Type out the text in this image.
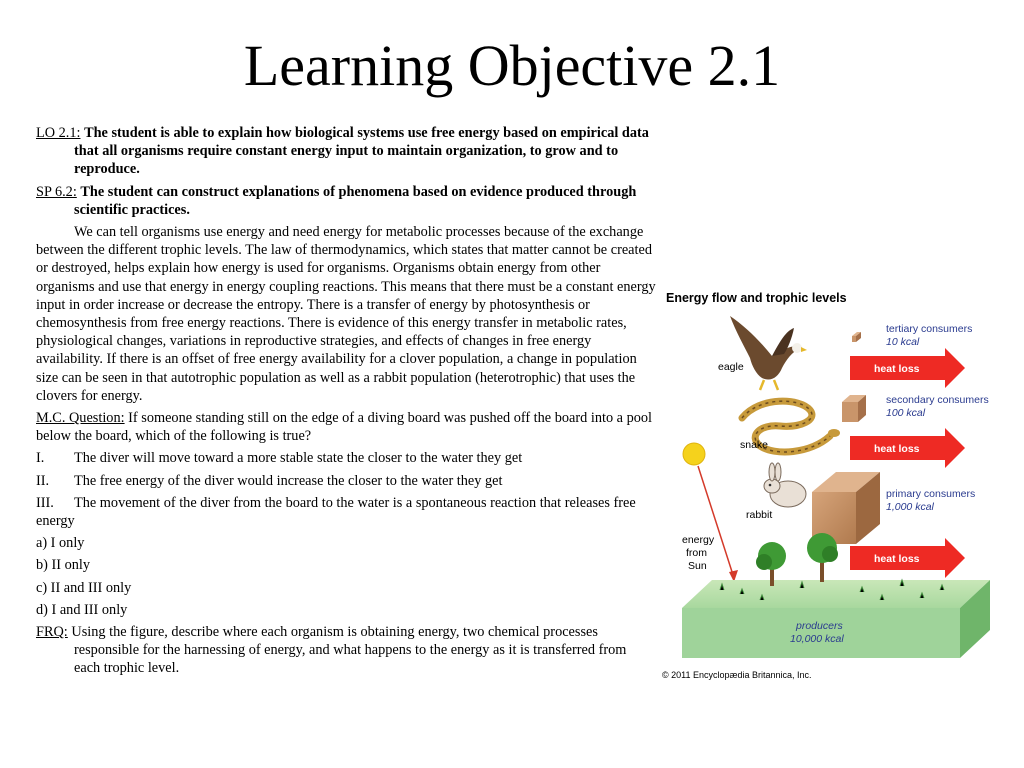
Learning Objective 2.1

LO 2.1: The student is able to explain how biological systems use free energy based on empirical data that all organisms require constant energy input to maintain organization, to grow and to reproduce.

SP 6.2: The student can construct explanations of phenomena based on evidence produced through scientific practices.

We can tell organisms use energy and need energy for metabolic processes because of the exchange between the different trophic levels. The law of thermodynamics, which states that matter cannot be created or destroyed, helps explain how energy is used for organisms. Organisms obtain energy from other organisms and use that energy in energy coupling reactions. This means that there must be a constant energy input in order increase or decrease the entropy. There is a transfer of energy by photosynthesis or chemosynthesis from free energy reactions. There is evidence of this energy transfer in metabolic rates, physiological changes, variations in reproductive strategies, and effects of changes in free energy availability. If there is an offset of free energy availability for a clover population, a change in population size can be seen in that autotrophic population as well as a rabbit population (heterotrophic) that uses the clovers for energy.

M.C. Question: If someone standing still on the edge of a diving board was pushed off the board into a pool below the board, which of the following is true?

I. The diver will move toward a more stable state the closer to the water they get

II. The free energy of the diver would increase the closer to the water they get

III. The movement of the diver from the board to the water is a spontaneous reaction that releases free energy

a) I only

b) II only

c) II and III only

d) I and III only

FRQ: Using the figure, describe where each organism is obtaining energy, two chemical processes responsible for the harnessing of energy, and what happens to the energy as it is transferred from each trophic level.

Energy flow and trophic levels
eagle
tertiary consumers
10 kcal
heat loss
snake
secondary consumers
100 kcal
heat loss
rabbit
primary consumers
1,000 kcal
energy
from
Sun
heat loss
producers
10,000 kcal
© 2011 Encyclopædia Britannica, Inc.
